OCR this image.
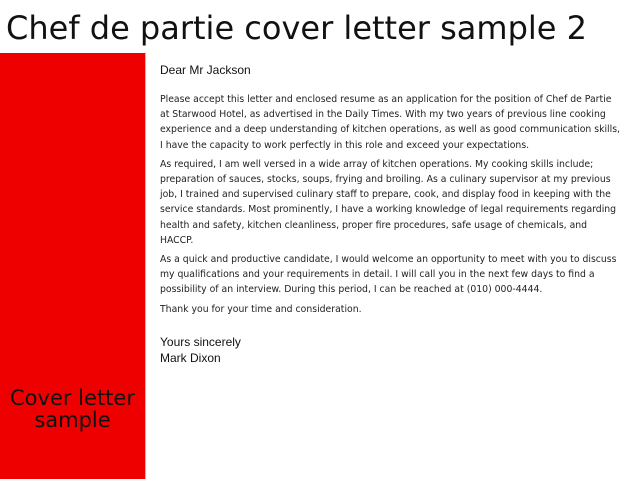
Chef de partie cover letter sample 2
Cover letter sample

Dear Mr Jackson

Please accept this letter and enclosed resume as an application for the position of Chef de Partie at Starwood Hotel, as advertised in the Daily Times. With my two years of previous line cooking experience and a deep understanding of kitchen operations, as well as good communication skills, I have the capacity to work perfectly in this role and exceed your expectations.

As required, I am well versed in a wide array of kitchen operations. My cooking skills include; preparation of sauces, stocks, soups, frying and broiling. As a culinary supervisor at my previous job, I trained and supervised culinary staff to prepare, cook, and display food in keeping with the service standards. Most prominently, I have a working knowledge of legal requirements regarding health and safety, kitchen cleanliness, proper fire procedures, safe usage of chemicals, and HACCP.

As a quick and productive candidate, I would welcome an opportunity to meet with you to discuss my qualifications and your requirements in detail. I will call you in the next few days to find a possibility of an interview. During this period, I can be reached at (010) 000-4444.

Thank you for your time and consideration.

Yours sincerely

Mark Dixon
